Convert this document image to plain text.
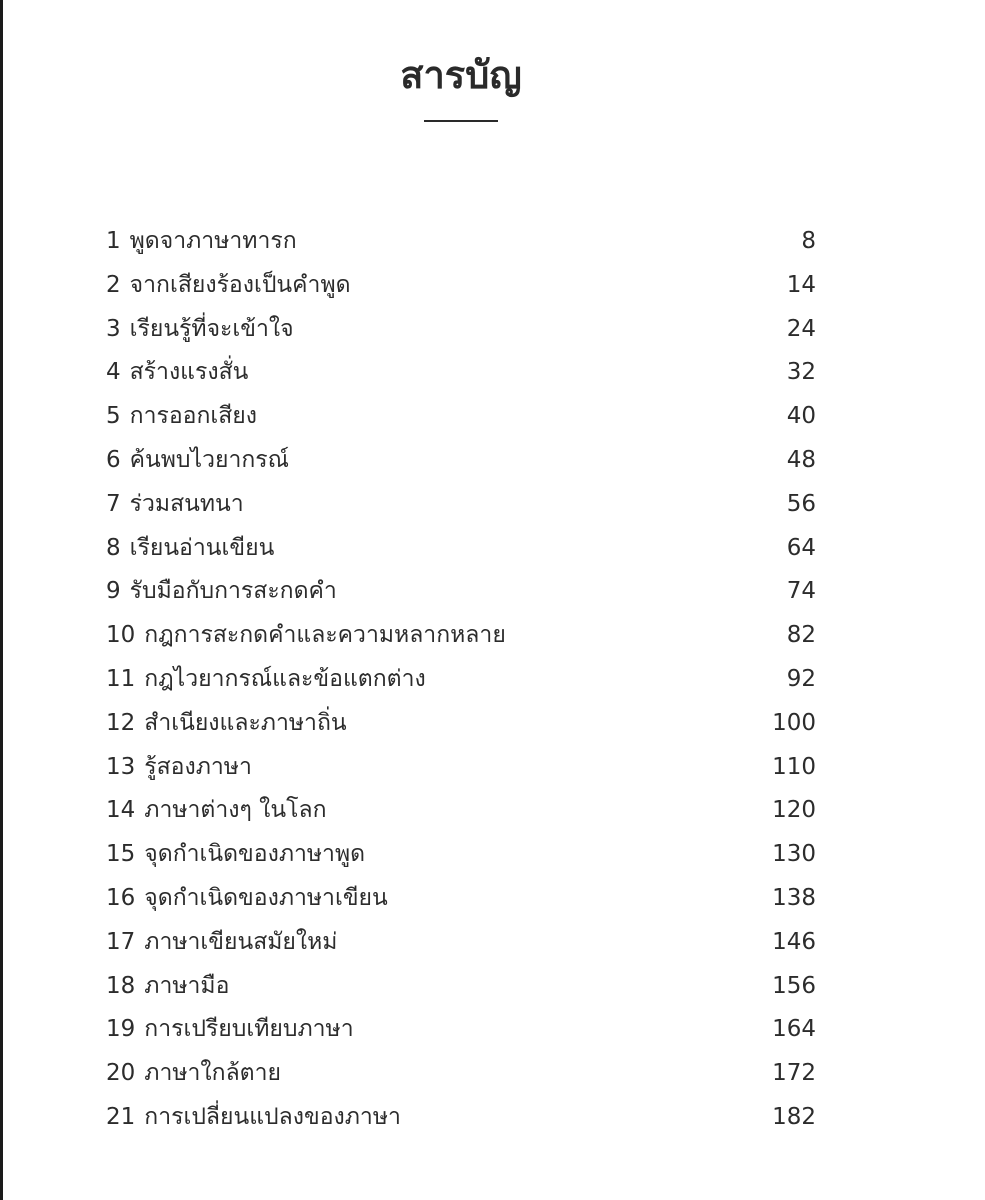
สารบัญ
1 พูดจาภาษาทารก	8
2 จากเสียงร้องเป็นคำพูด	14
3 เรียนรู้ที่จะเข้าใจ	24
4 สร้างแรงสั่น	32
5 การออกเสียง	40
6 ค้นพบไวยากรณ์	48
7 ร่วมสนทนา	56
8 เรียนอ่านเขียน	64
9 รับมือกับการสะกดคำ	74
10 กฎการสะกดคำและความหลากหลาย	82
11 กฎไวยากรณ์และข้อแตกต่าง	92
12 สำเนียงและภาษาถิ่น	100
13 รู้สองภาษา	110
14 ภาษาต่างๆ ในโลก	120
15 จุดกำเนิดของภาษาพูด	130
16 จุดกำเนิดของภาษาเขียน	138
17 ภาษาเขียนสมัยใหม่	146
18 ภาษามือ	156
19 การเปรียบเทียบภาษา	164
20 ภาษาใกล้ตาย	172
21 การเปลี่ยนแปลงของภาษา	182
